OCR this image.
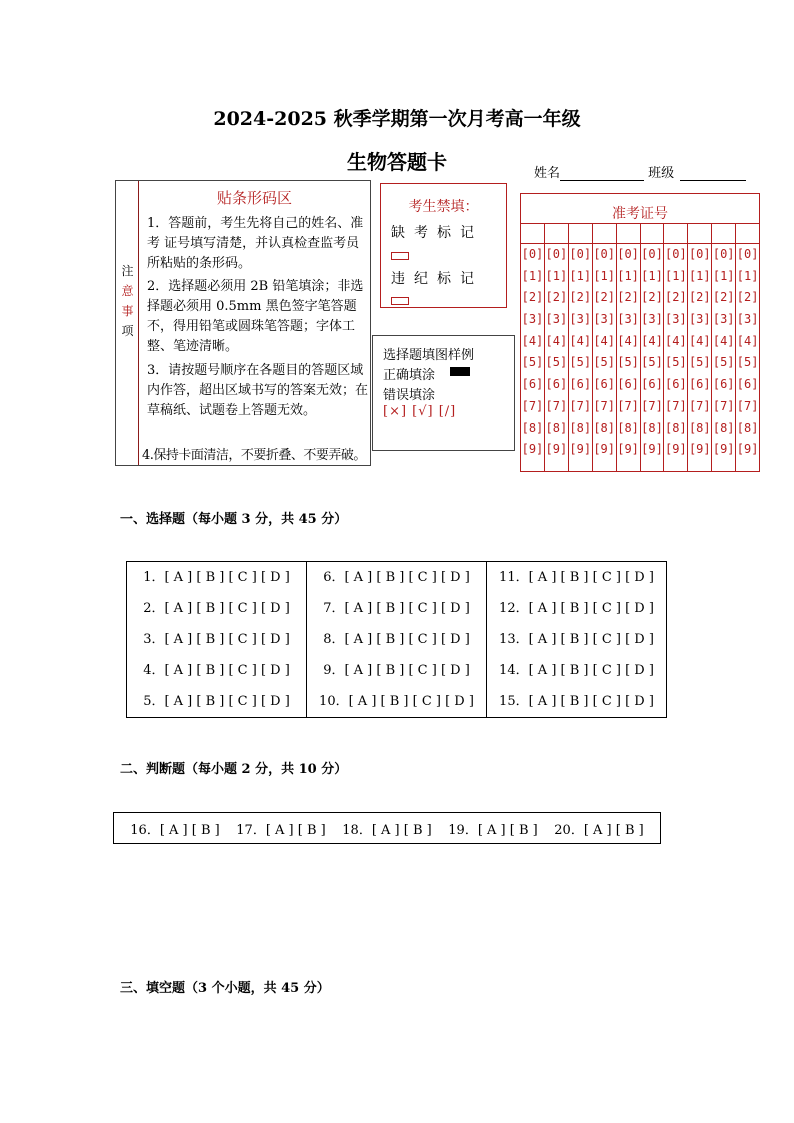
2024-2025 秋季学期第一次月考高一年级
生物答题卡	姓名	班级
注
意
事
项
贴条形码区
1．答题前，考生先将自己的姓名、准考 证号填写清楚，并认真检查监考员所粘贴的条形码。
2．选择题必须用 2B 铅笔填涂；非选择题必须用 0.5mm 黑色签字笔答题不，得用铅笔或圆珠笔答题；字体工整、笔迹清晰。
3．请按题号顺序在各题目的答题区域内作答，超出区域书写的答案无效；在草稿纸、试题卷上答题无效。
4.保持卡面清洁，不要折叠、不要弄破。
考生禁填：
缺考标记
违纪标记
选择题填图样例
正确填涂
错误填涂
[×] [√] [/]
准考证号
[0]
[1]
[2]
[3]
[4]
[5]
[6]
[7]
[8]
[9]
[0]
[1]
[2]
[3]
[4]
[5]
[6]
[7]
[8]
[9]
[0]
[1]
[2]
[3]
[4]
[5]
[6]
[7]
[8]
[9]
[0]
[1]
[2]
[3]
[4]
[5]
[6]
[7]
[8]
[9]
[0]
[1]
[2]
[3]
[4]
[5]
[6]
[7]
[8]
[9]
[0]
[1]
[2]
[3]
[4]
[5]
[6]
[7]
[8]
[9]
[0]
[1]
[2]
[3]
[4]
[5]
[6]
[7]
[8]
[9]
[0]
[1]
[2]
[3]
[4]
[5]
[6]
[7]
[8]
[9]
[0]
[1]
[2]
[3]
[4]
[5]
[6]
[7]
[8]
[9]
[0]
[1]
[2]
[3]
[4]
[5]
[6]
[7]
[8]
[9]
一、选择题（每小题 3 分，共 45 分）
1．[ A ] [ B ] [ C ] [ D ]
2．[ A ] [ B ] [ C ] [ D ]
3．[ A ] [ B ] [ C ] [ D ]
4．[ A ] [ B ] [ C ] [ D ]
5．[ A ] [ B ] [ C ] [ D ]
6．[ A ] [ B ] [ C ] [ D ]
7．[ A ] [ B ] [ C ] [ D ]
8．[ A ] [ B ] [ C ] [ D ]
9．[ A ] [ B ] [ C ] [ D ]
10．[ A ] [ B ] [ C ] [ D ]
11．[ A ] [ B ] [ C ] [ D ]
12．[ A ] [ B ] [ C ] [ D ]
13．[ A ] [ B ] [ C ] [ D ]
14．[ A ] [ B ] [ C ] [ D ]
15．[ A ] [ B ] [ C ] [ D ]
二、判断题（每小题 2 分，共 10 分）
16．[ A ] [ B ] 17．[ A ] [ B ] 18．[ A ] [ B ] 19．[ A ] [ B ] 20．[ A ] [ B ]
三、填空题（3 个小题，共 45 分）
